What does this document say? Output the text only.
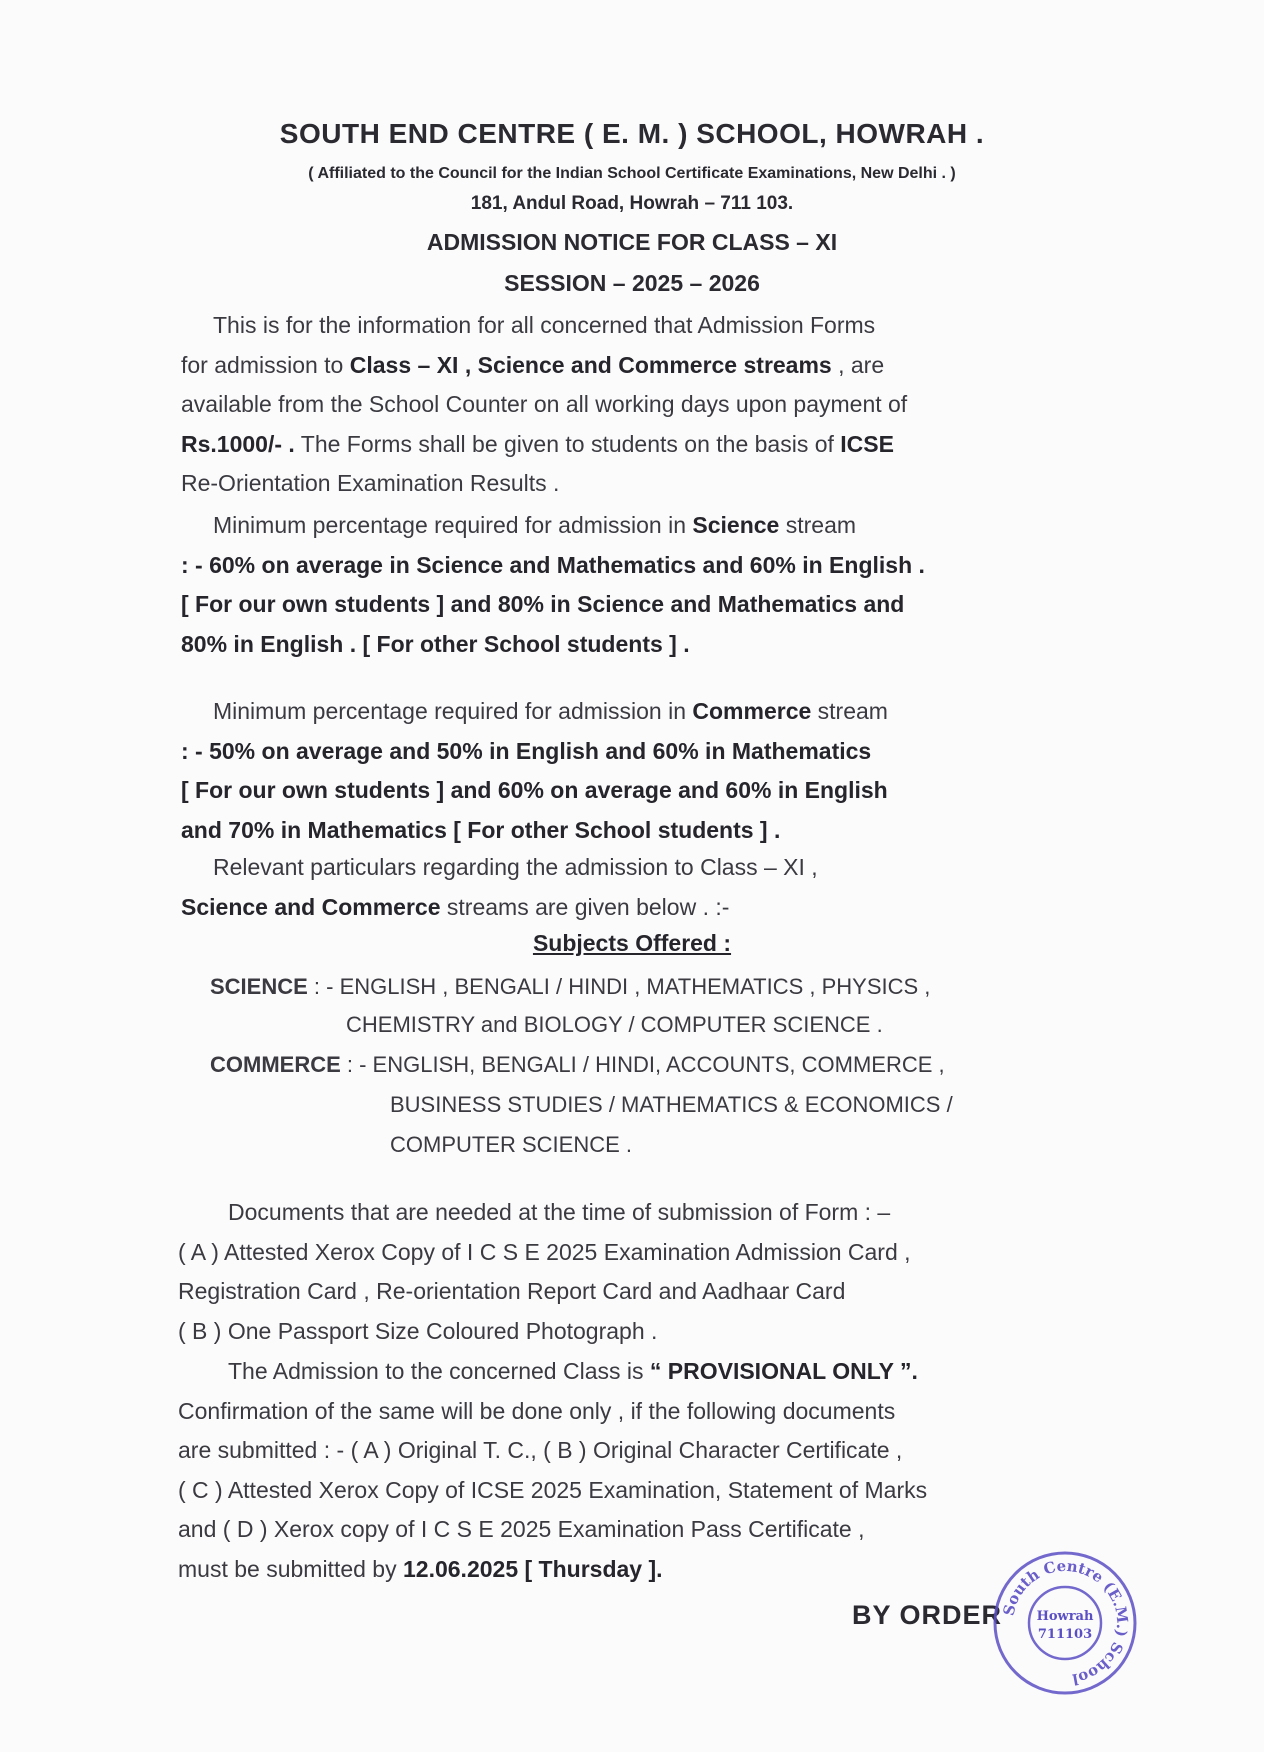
SOUTH END CENTRE ( E. M. ) SCHOOL, HOWRAH .
( Affiliated to the Council for the Indian School Certificate Examinations, New Delhi . )
181, Andul Road, Howrah – 711 103.
ADMISSION NOTICE FOR CLASS – XI
SESSION – 2025 – 2026
This is for the information for all concerned that Admission Forms
for admission to Class – XI , Science and Commerce streams , are
available from the School Counter on all working days upon payment of
Rs.1000/- . The Forms shall be given to students on the basis of ICSE
Re-Orientation Examination Results .
Minimum percentage required for admission in Science stream
: - 60% on average in Science and Mathematics and 60% in English .
[ For our own students ] and 80% in Science and Mathematics and
80% in English . [ For other School students ] .
Minimum percentage required for admission in Commerce stream
: - 50% on average and 50% in English and 60% in Mathematics
[ For our own students ] and 60% on average and 60% in English
and 70% in Mathematics [ For other School students ] .
Relevant particulars regarding the admission to Class – XI ,
Science and Commerce streams are given below . :-
Subjects Offered :
SCIENCE : - ENGLISH , BENGALI / HINDI , MATHEMATICS , PHYSICS ,
CHEMISTRY and BIOLOGY / COMPUTER SCIENCE .
COMMERCE : - ENGLISH, BENGALI / HINDI, ACCOUNTS, COMMERCE ,
BUSINESS STUDIES / MATHEMATICS & ECONOMICS /
COMPUTER SCIENCE .
Documents that are needed at the time of submission of Form : –
( A ) Attested Xerox Copy of I C S E 2025 Examination Admission Card ,
Registration Card , Re-orientation Report Card and Aadhaar Card
( B ) One Passport Size Coloured Photograph .
The Admission to the concerned Class is “ PROVISIONAL ONLY ”.
Confirmation of the same will be done only , if the following documents
are submitted : - ( A ) Original T. C., ( B ) Original Character Certificate ,
( C ) Attested Xerox Copy of ICSE 2025 Examination, Statement of Marks
and ( D ) Xerox copy of I C S E 2025 Examination Pass Certificate ,
must be submitted by 12.06.2025 [ Thursday ].
BY ORDER
South Centre (E.M.) School
Howrah
711103
